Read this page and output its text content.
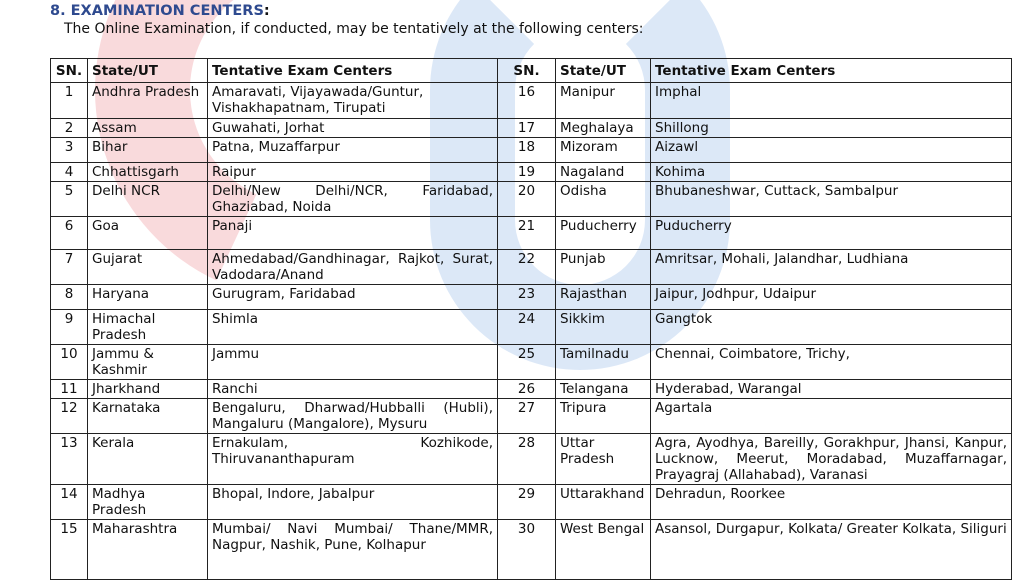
8. EXAMINATION CENTERS:
The Online Examination, if conducted, may be tentatively at the following centers:
SN.	State/UT	Tentative Exam Centers	SN.	State/UT	Tentative Exam Centers
1	Andhra Pradesh	Amaravati, Vijayawada/Guntur, Vishakhapatnam, Tirupati	16	Manipur	Imphal
2	Assam	Guwahati, Jorhat	17	Meghalaya	Shillong
3	Bihar	Patna, Muzaffarpur	18	Mizoram	Aizawl
4	Chhattisgarh	Raipur	19	Nagaland	Kohima
5	Delhi NCR	Delhi/New Delhi/NCR, Faridabad, Ghaziabad, Noida	20	Odisha	Bhubaneshwar, Cuttack, Sambalpur
6	Goa	Panaji	21	Puducherry	Puducherry
7	Gujarat	Ahmedabad/Gandhinagar, Rajkot, Surat, Vadodara/Anand	22	Punjab	Amritsar, Mohali, Jalandhar, Ludhiana
8	Haryana	Gurugram, Faridabad	23	Rajasthan	Jaipur, Jodhpur, Udaipur
9	Himachal Pradesh	Shimla	24	Sikkim	Gangtok
10	Jammu & Kashmir	Jammu	25	Tamilnadu	Chennai, Coimbatore, Trichy,
11	Jharkhand	Ranchi	26	Telangana	Hyderabad, Warangal
12	Karnataka	Bengaluru, Dharwad/Hubballi (Hubli), Mangaluru (Mangalore), Mysuru	27	Tripura	Agartala
13	Kerala	Ernakulam, Kozhikode, Thiruvananthapuram	28	Uttar Pradesh	Agra, Ayodhya, Bareilly, Gorakhpur, Jhansi, Kanpur, Lucknow, Meerut, Moradabad, Muzaffarnagar, Prayagraj (Allahabad), Varanasi
14	Madhya Pradesh	Bhopal, Indore, Jabalpur	29	Uttarakhand	Dehradun, Roorkee
15	Maharashtra	Mumbai/ Navi Mumbai/ Thane/MMR, Nagpur, Nashik, Pune, Kolhapur	30	West Bengal	Asansol, Durgapur, Kolkata/ Greater Kolkata, Siliguri
